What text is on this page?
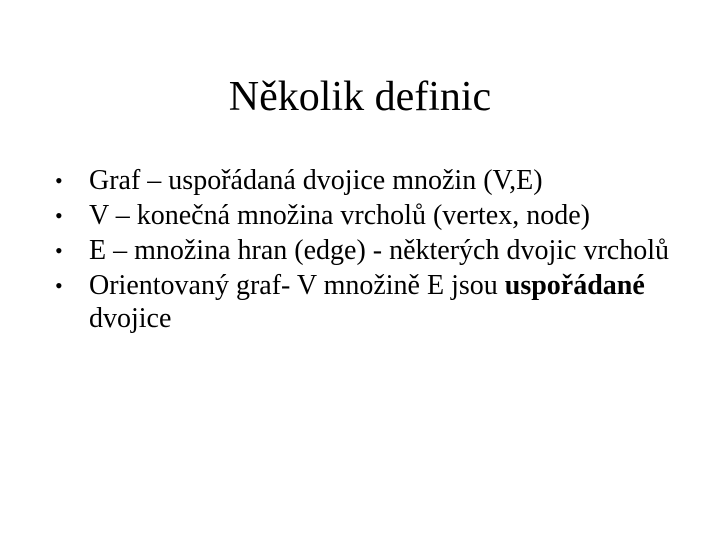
Několik definic
• Graf – uspořádaná dvojice množin (V,E)
• V – konečná množina vrcholů (vertex, node)
• E – množina hran (edge) - některých dvojic vrcholů
• Orientovaný graf- V množině E jsou uspořádané dvojice
